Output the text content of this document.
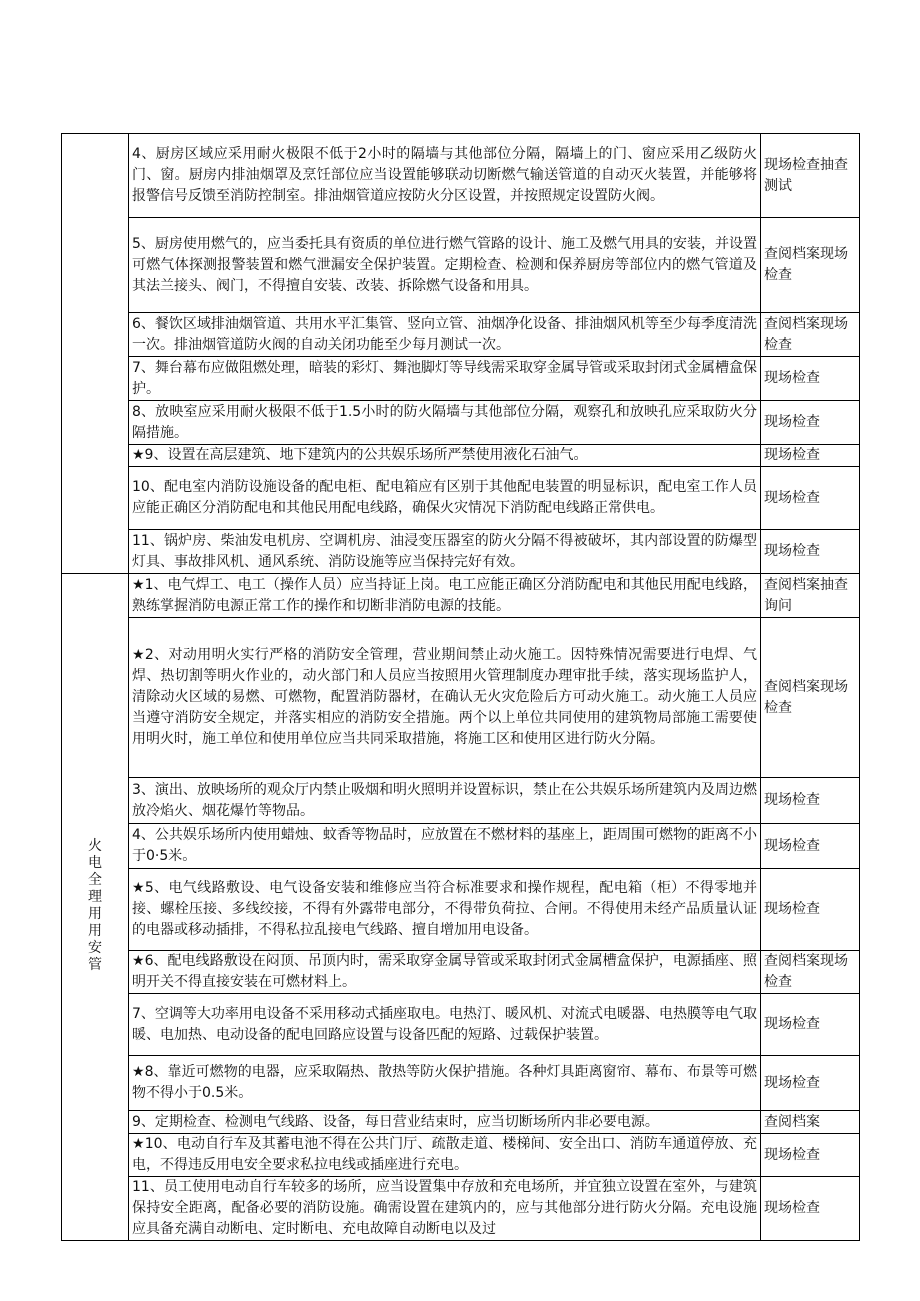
	4、厨房区域应采用耐火极限不低于2小时的隔墙与其他部位分隔，隔墙上的门、窗应采用乙级防火门、窗。厨房内排油烟罩及烹饪部位应当设置能够联动切断燃气输送管道的自动灭火装置，并能够将报警信号反馈至消防控制室。排油烟管道应按防火分区设置，并按照规定设置防火阀。	现场检查抽查测试
	5、厨房使用燃气的，应当委托具有资质的单位进行燃气管路的设计、施工及燃气用具的安装，并设置可燃气体探测报警装置和燃气泄漏安全保护装置。定期检查、检测和保养厨房等部位内的燃气管道及其法兰接头、阀门，不得擅自安装、改装、拆除燃气设备和用具。	查阅档案现场检查
	6、餐饮区域排油烟管道、共用水平汇集管、竖向立管、油烟净化设备、排油烟风机等至少每季度清洗一次。排油烟管道防火阀的自动关闭功能至少每月测试一次。	查阅档案现场检查
	7、舞台幕布应做阻燃处理，暗装的彩灯、舞池脚灯等导线需采取穿金属导管或采取封闭式金属槽盒保护。	现场检查
	8、放映室应采用耐火极限不低于1.5小时的防火隔墙与其他部位分隔，观察孔和放映孔应采取防火分隔措施。	现场检查
	★9、设置在高层建筑、地下建筑内的公共娱乐场所严禁使用液化石油气。	现场检查
	10、配电室内消防设施设备的配电柜、配电箱应有区别于其他配电装置的明显标识，配电室工作人员应能正确区分消防配电和其他民用配电线路，确保火灾情况下消防配电线路正常供电。	现场检查
	11、锅炉房、柴油发电机房、空调机房、油浸变压器室的防火分隔不得被破坏，其内部设置的防爆型灯具、事故排风机、通风系统、消防设施等应当保持完好有效。	现场检查
火电全理用用安管	★1、电气焊工、电工（操作人员）应当持证上岗。电工应能正确区分消防配电和其他民用配电线路，熟练掌握消防电源正常工作的操作和切断非消防电源的技能。	查阅档案抽查询问
	★2、对动用明火实行严格的消防安全管理，营业期间禁止动火施工。因特殊情况需要进行电焊、气焊、热切割等明火作业的，动火部门和人员应当按照用火管理制度办理审批手续，落实现场监护人，清除动火区域的易燃、可燃物，配置消防器材，在确认无火灾危险后方可动火施工。动火施工人员应当遵守消防安全规定，并落实相应的消防安全措施。两个以上单位共同使用的建筑物局部施工需要使用明火时，施工单位和使用单位应当共同采取措施，将施工区和使用区进行防火分隔。	查阅档案现场检查
	3、演出、放映场所的观众厅内禁止吸烟和明火照明并设置标识，禁止在公共娱乐场所建筑内及周边燃放冷焰火、烟花爆竹等物品。	现场检查
	4、公共娱乐场所内使用蜡烛、蚊香等物品时，应放置在不燃材料的基座上，距周围可燃物的距离不小于0·5米。	现场检查
	★5、电气线路敷设、电气设备安装和维修应当符合标准要求和操作规程，配电箱（柜）不得零地并接、螺栓压接、多线绞接，不得有外露带电部分，不得带负荷拉、合闸。不得使用未经产品质量认证的电器或移动插排，不得私拉乱接电气线路、擅自增加用电设备。	现场检查
	★6、配电线路敷设在闷顶、吊顶内时，需采取穿金属导管或采取封闭式金属槽盒保护，电源插座、照明开关不得直接安装在可燃材料上。	查阅档案现场检查
	7、空调等大功率用电设备不采用移动式插座取电。电热汀、暖风机、对流式电暖器、电热膜等电气取暖、电加热、电动设备的配电回路应设置与设备匹配的短路、过载保护装置。	现场检查
	★8、靠近可燃物的电器，应采取隔热、散热等防火保护措施。各种灯具距离窗帘、幕布、布景等可燃物不得小于0.5米。	现场检查
	9、定期检查、检测电气线路、设备，每日营业结束时，应当切断场所内非必要电源。	查阅档案
	★10、电动自行车及其蓄电池不得在公共门厅、疏散走道、楼梯间、安全出口、消防车通道停放、充电，不得违反用电安全要求私拉电线或插座进行充电。	现场检查
	11、员工使用电动自行车较多的场所，应当设置集中存放和充电场所，并宜独立设置在室外，与建筑保持安全距离，配备必要的消防设施。确需设置在建筑内的，应与其他部分进行防火分隔。充电设施应具备充满自动断电、定时断电、充电故障自动断电以及过	现场检查
